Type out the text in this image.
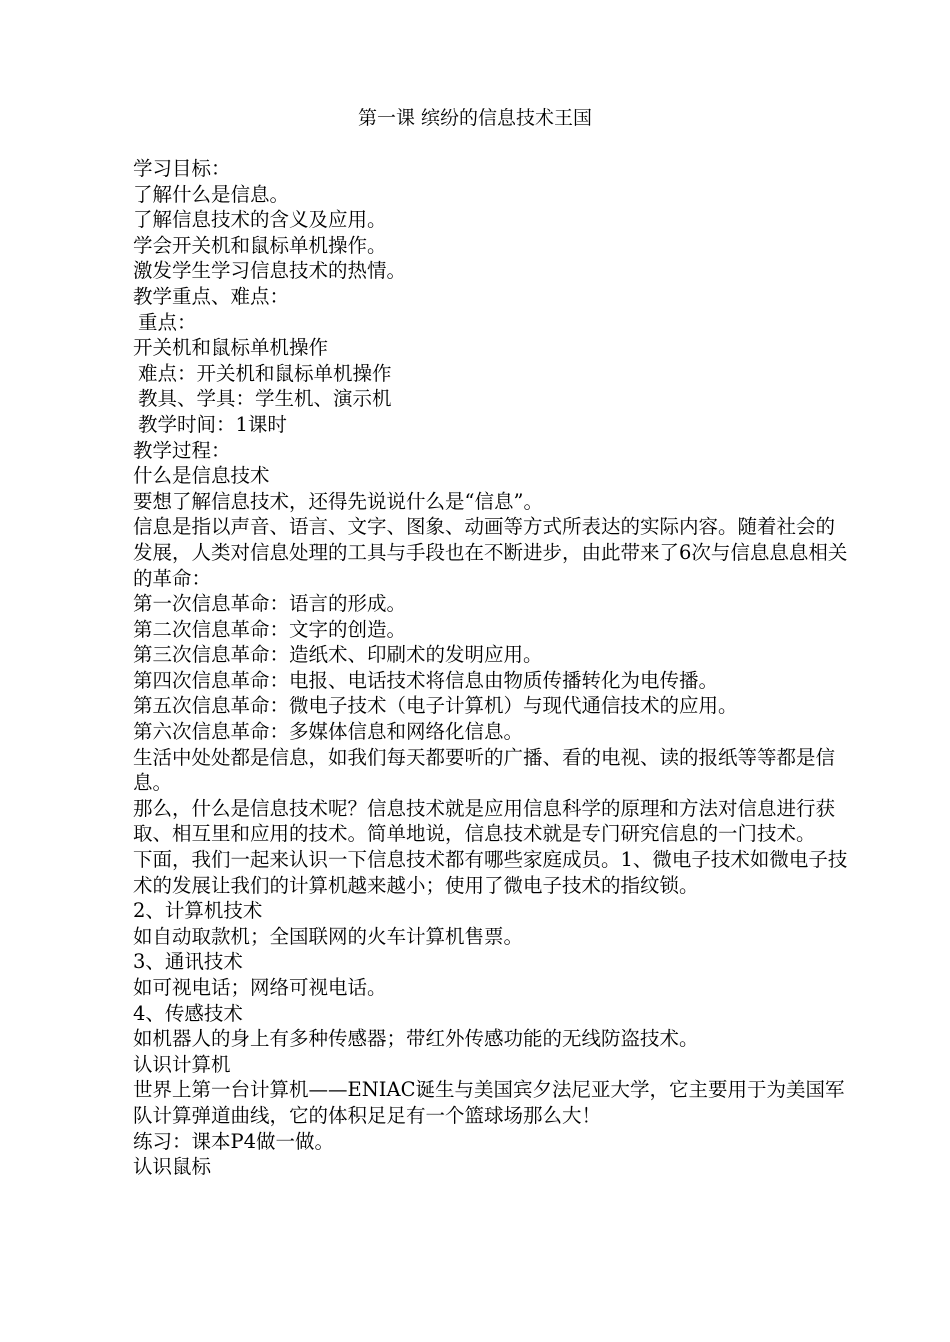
第一课 缤纷的信息技术王国

学习目标：

了解什么是信息。

了解信息技术的含义及应用。

学会开关机和鼠标单机操作。

激发学生学习信息技术的热情。

教学重点、难点：

重点：

开关机和鼠标单机操作

难点：开关机和鼠标单机操作

教具、学具：学生机、演示机

教学时间：1课时

教学过程：

什么是信息技术

要想了解信息技术，还得先说说什么是“信息”。

信息是指以声音、语言、文字、图象、动画等方式所表达的实际内容。随着社会的发展，人类对信息处理的工具与手段也在不断进步，由此带来了6次与信息息息相关的革命：

第一次信息革命：语言的形成。

第二次信息革命：文字的创造。

第三次信息革命：造纸术、印刷术的发明应用。

第四次信息革命：电报、电话技术将信息由物质传播转化为电传播。

第五次信息革命：微电子技术（电子计算机）与现代通信技术的应用。

第六次信息革命：多媒体信息和网络化信息。

生活中处处都是信息，如我们每天都要听的广播、看的电视、读的报纸等等都是信息。

那么，什么是信息技术呢？信息技术就是应用信息科学的原理和方法对信息进行获取、相互里和应用的技术。简单地说，信息技术就是专门研究信息的一门技术。

下面，我们一起来认识一下信息技术都有哪些家庭成员。1、微电子技术如微电子技术的发展让我们的计算机越来越小；使用了微电子技术的指纹锁。

2、计算机技术

如自动取款机；全国联网的火车计算机售票。

3、通讯技术

如可视电话；网络可视电话。

4、传感技术

如机器人的身上有多种传感器；带红外传感功能的无线防盗技术。

认识计算机

世界上第一台计算机——ENIAC诞生与美国宾夕法尼亚大学，它主要用于为美国军队计算弹道曲线，它的体积足足有一个篮球场那么大！

练习：课本P4做一做。

认识鼠标
